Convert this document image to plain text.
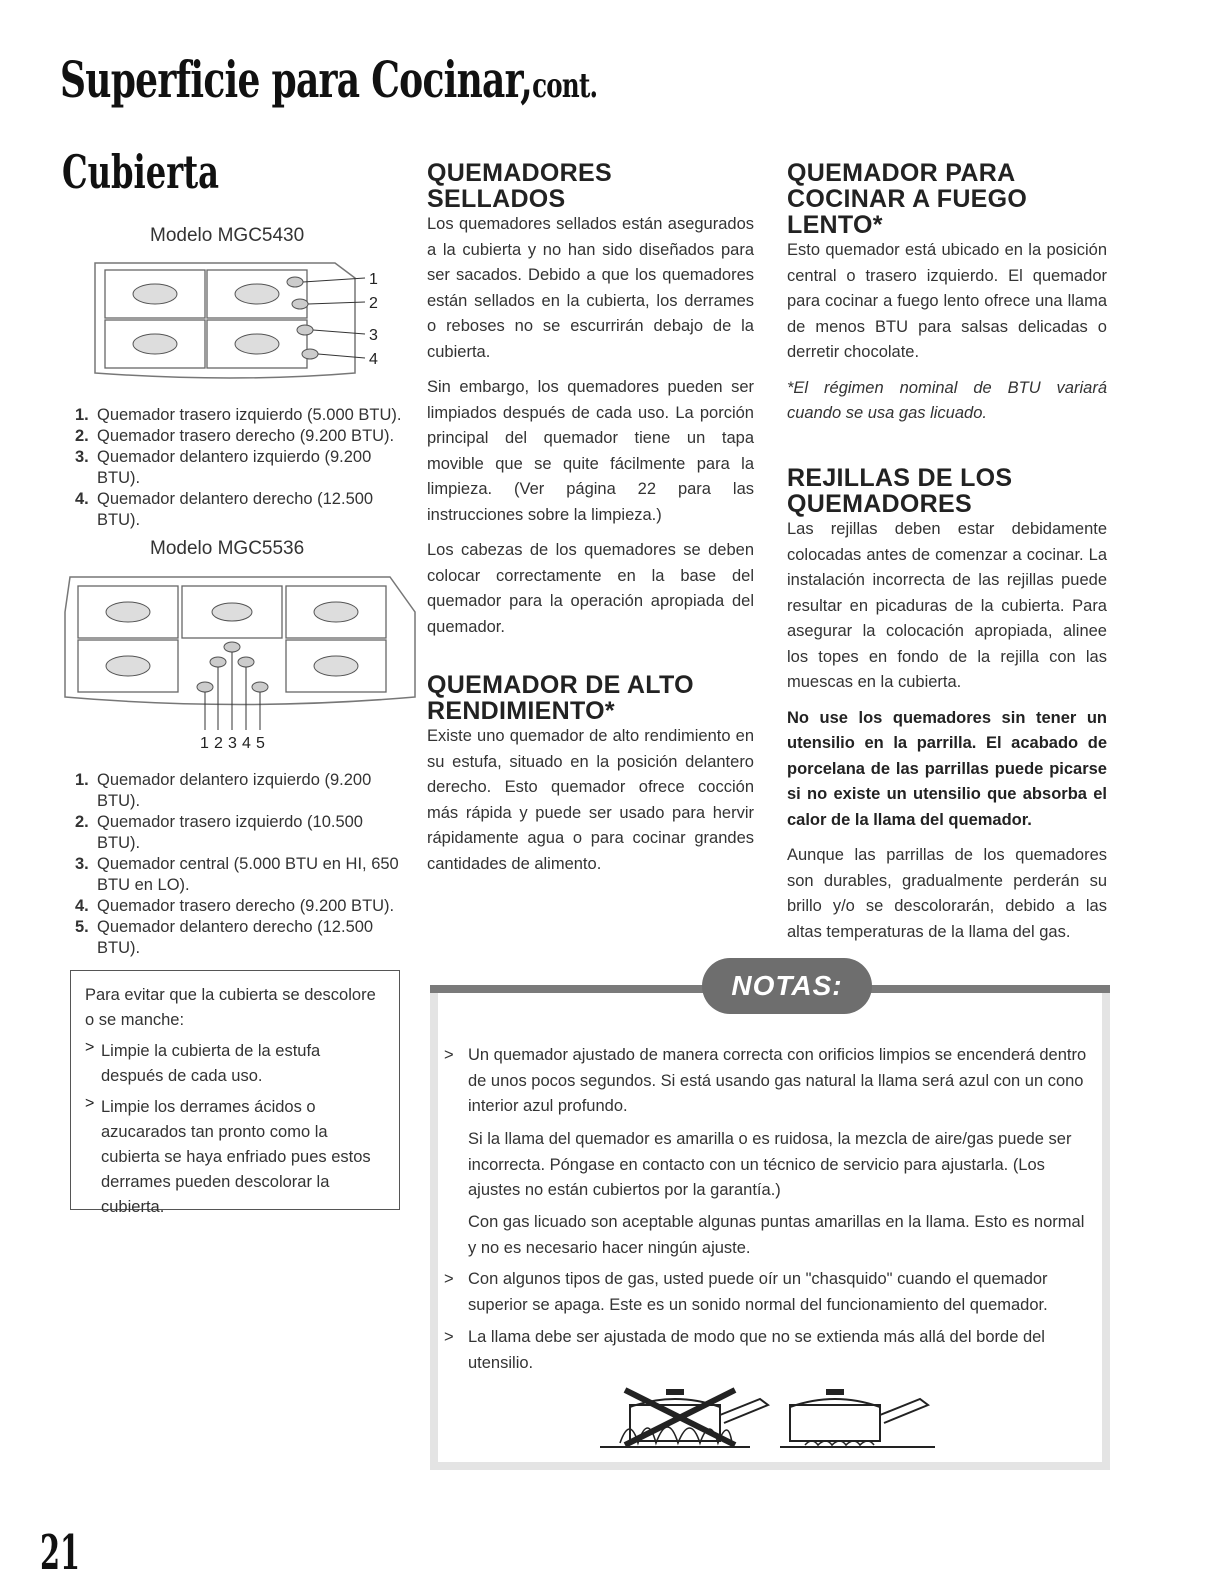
Superficie para Cocinar,cont.
Cubierta
Modelo MGC5430
1
2
3
4
1. Quemador trasero izquierdo (5.000 BTU).
2. Quemador trasero derecho (9.200 BTU).
3. Quemador delantero izquierdo (9.200 BTU).
4. Quemador delantero derecho (12.500 BTU).
Modelo MGC5536
1 2 3 4 5
1. Quemador delantero izquierdo (9.200 BTU).
2. Quemador trasero izquierdo (10.500 BTU).
3. Quemador central (5.000 BTU en HI, 650 BTU en LO).
4. Quemador trasero derecho (9.200 BTU).
5. Quemador delantero derecho (12.500 BTU).

Para evitar que la cubierta se descolore o se manche:

> Limpie la cubierta de la estufa después de cada uso.

> Limpie los derrames ácidos o azucarados tan pronto como la cubierta se haya enfriado pues estos derrames pueden descolorar la cubierta.

QUEMADORES SELLADOS

Los quemadores sellados están asegurados a la cubierta y no han sido diseñados para ser sacados. Debido a que los quemadores están sellados en la cubierta, los derrames o reboses no se escurrirán debajo de la cubierta.

Sin embargo, los quemadores pueden ser limpiados después de cada uso. La porción principal del quemador tiene un tapa movible que se quite fácilmente para la limpieza. (Ver página 22 para las instrucciones sobre la limpieza.)

Los cabezas de los quemadores se deben colocar correctamente en la base del quemador para la operación apropiada del quemador.

QUEMADOR DE ALTO RENDIMIENTO*

Existe uno quemador de alto rendimiento en su estufa, situado en la posición delantero derecho. Esto quemador ofrece cocción más rápida y puede ser usado para hervir rápidamente agua o para cocinar grandes cantidades de alimento.

QUEMADOR PARA COCINAR A FUEGO LENTO*

Esto quemador está ubicado en la posición central o trasero izquierdo. El quemador para cocinar a fuego lento ofrece una llama de menos BTU para salsas delicadas o derretir chocolate.

*El régimen nominal de BTU variará cuando se usa gas licuado.

REJILLAS DE LOS QUEMADORES

Las rejillas deben estar debidamente colocadas antes de comenzar a cocinar. La instalación incorrecta de las rejillas puede resultar en picaduras de la cubierta. Para asegurar la colocación apropiada, alinee los topes en fondo de la rejilla con las muescas en la cubierta.

No use los quemadores sin tener un utensilio en la parrilla. El acabado de porcelana de las parrillas puede picarse si no existe un utensilio que absorba el calor de la llama del quemador.

Aunque las parrillas de los quemadores son durables, gradualmente perderán su brillo y/o se descolorarán, debido a las altas temperaturas de la llama del gas.

NOTAS:
> Un quemador ajustado de manera correcta con orificios limpios se encenderá dentro de unos pocos segundos. Si está usando gas natural la llama será azul con un cono interior azul profundo.
Si la llama del quemador es amarilla o es ruidosa, la mezcla de aire/gas puede ser incorrecta. Póngase en contacto con un técnico de servicio para ajustarla. (Los ajustes no están cubiertos por la garantía.)
Con gas licuado son aceptable algunas puntas amarillas en la llama. Esto es normal y no es necesario hacer ningún ajuste.
> Con algunos tipos de gas, usted puede oír un "chasquido" cuando el quemador superior se apaga. Este es un sonido normal del funcionamiento del quemador.
> La llama debe ser ajustada de modo que no se extienda más allá del borde del utensilio.
21
